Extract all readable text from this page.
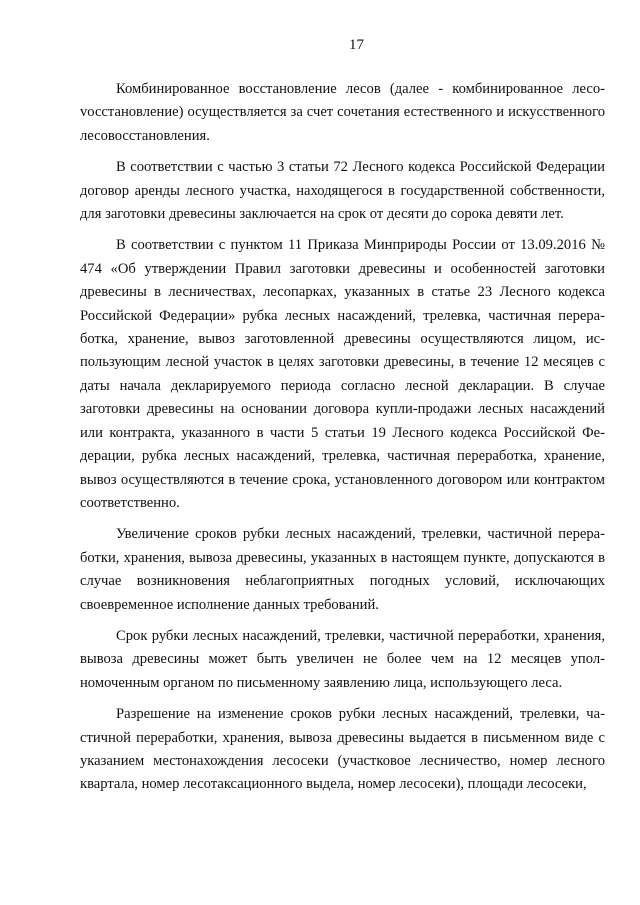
17

Комбинированное восстановление лесов (далее - комбинированное лесоvосстановление) осуществляется за счет сочетания естественного и искусственного лесовосстановления.

В соответствии с частью 3 статьи 72 Лесного кодекса Российской Федерации договор аренды лесного участка, находящегося в государственной собственности, для заготовки древесины заключается на срок от десяти до сорока девяти лет.

В соответствии с пунктом 11 Приказа Минприроды России от 13.09.2016 № 474 «Об утверждении Правил заготовки древесины и особенностей заготовки древесины в лесничествах, лесопарках, указанных в статье 23 Лесного кодекса Российской Федерации» рубка лесных насаждений, трелевка, частичная переработка, хранение, вывоз заготовленной древесины осуществляются лицом, использующим лесной участок в целях заготовки древесины, в течение 12 месяцев с даты начала декларируемого периода согласно лесной декларации. В случае заготовки древесины на основании договора купли-продажи лесных насаждений или контракта, указанного в части 5 статьи 19 Лесного кодекса Российской Федерации, рубка лесных насаждений, трелевка, частичная переработка, хранение, вывоз осуществляются в течение срока, установленного договором или контрактом соответственно.

Увеличение сроков рубки лесных насаждений, трелевки, частичной переработки, хранения, вывоза древесины, указанных в настоящем пункте, допускаются в случае возникновения неблагоприятных погодных условий, исключающих своевременное исполнение данных требований.

Срок рубки лесных насаждений, трелевки, частичной переработки, хранения, вывоза древесины может быть увеличен не более чем на 12 месяцев уполномоченным органом по письменному заявлению лица, использующего леса.

Разрешение на изменение сроков рубки лесных насаждений, трелевки, частичной переработки, хранения, вывоза древесины выдается в письменном виде с указанием местонахождения лесосеки (участковое лесничество, номер лесного квартала, номер лесотаксационного выдела, номер лесосеки), площади лесосеки,
